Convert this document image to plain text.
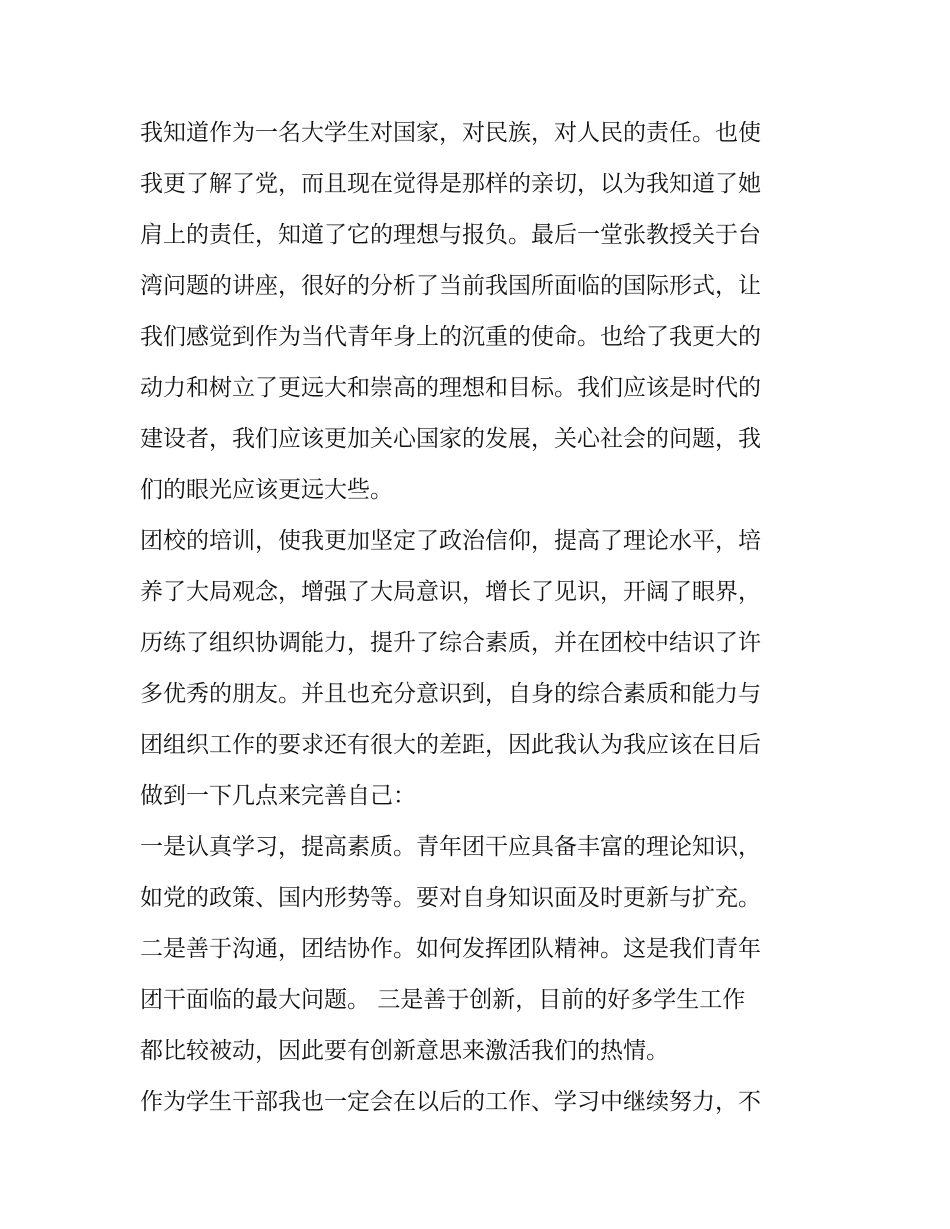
我知道作为一名大学生对国家，对民族，对人民的责任。也使
我更了解了党，而且现在觉得是那样的亲切，以为我知道了她
肩上的责任，知道了它的理想与报负。最后一堂张教授关于台
湾问题的讲座，很好的分析了当前我国所面临的国际形式，让
我们感觉到作为当代青年身上的沉重的使命。也给了我更大的
动力和树立了更远大和崇高的理想和目标。我们应该是时代的
建设者，我们应该更加关心国家的发展，关心社会的问题，我
们的眼光应该更远大些。
团校的培训，使我更加坚定了政治信仰，提高了理论水平，培
养了大局观念，增强了大局意识，增长了见识，开阔了眼界，
历练了组织协调能力，提升了综合素质，并在团校中结识了许
多优秀的朋友。并且也充分意识到，自身的综合素质和能力与
团组织工作的要求还有很大的差距，因此我认为我应该在日后
做到一下几点来完善自己：
一是认真学习，提高素质。青年团干应具备丰富的理论知识，
如党的政策、国内形势等。要对自身知识面及时更新与扩充。
二是善于沟通，团结协作。如何发挥团队精神。这是我们青年
团干面临的最大问题。 三是善于创新，目前的好多学生工作
都比较被动，因此要有创新意思来激活我们的热情。
作为学生干部我也一定会在以后的工作、学习中继续努力，不
